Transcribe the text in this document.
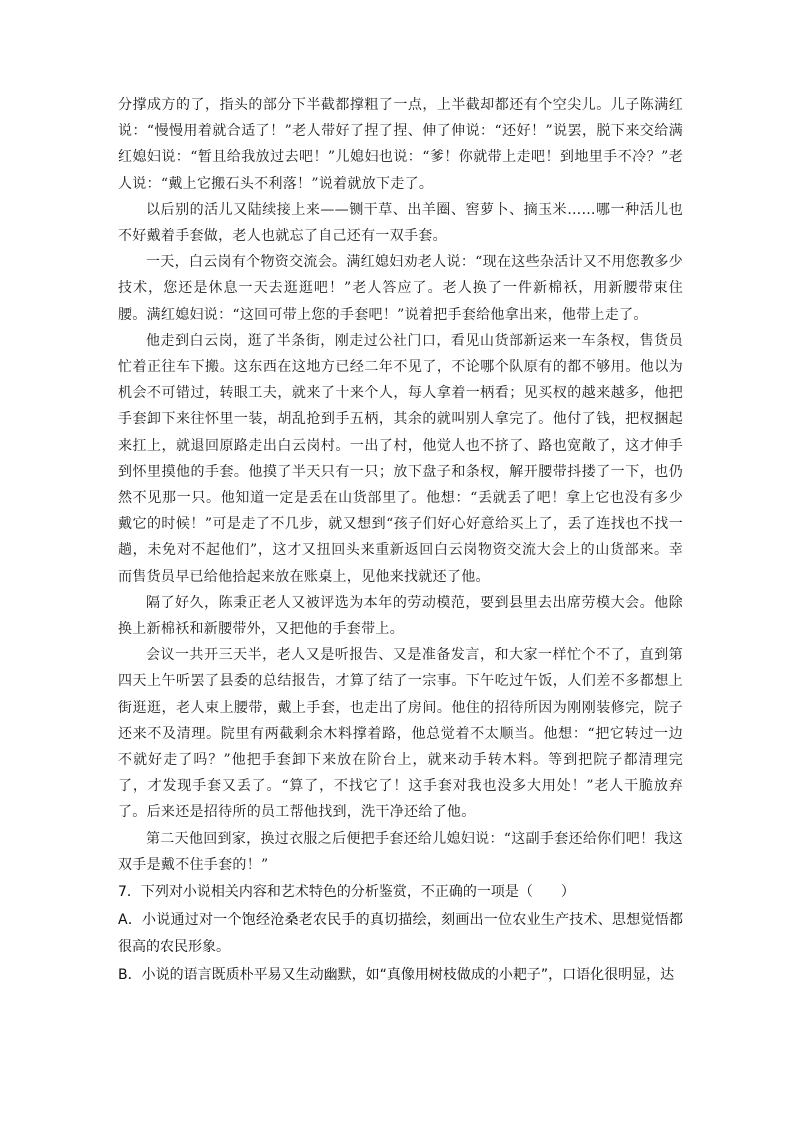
分撑成方的了，指头的部分下半截都撑粗了一点，上半截却都还有个空尖儿。儿子陈满红说：“慢慢用着就合适了！”老人带好了捏了捏、伸了伸说：“还好！”说罢，脱下来交给满红媳妇说：“暂且给我放过去吧！”儿媳妇也说：“爹！你就带上走吧！到地里手不冷？”老人说：“戴上它搬石头不利落！”说着就放下走了。

以后别的活儿又陆续接上来——铡干草、出羊圈、窖萝卜、摘玉米……哪一种活儿也不好戴着手套做，老人也就忘了自己还有一双手套。

一天，白云岗有个物资交流会。满红媳妇劝老人说：“现在这些杂活计又不用您教多少技术，您还是休息一天去逛逛吧！”老人答应了。老人换了一件新棉袄，用新腰带束住腰。满红媳妇说：“这回可带上您的手套吧！”说着把手套给他拿出来，他带上走了。

他走到白云岗，逛了半条街，刚走过公社门口，看见山货部新运来一车条杈，售货员忙着正往车下搬。这东西在这地方已经二年不见了，不论哪个队原有的都不够用。他以为机会不可错过，转眼工夫，就来了十来个人，每人拿着一柄看；见买杈的越来越多，他把手套卸下来往怀里一装，胡乱抢到手五柄，其余的就叫别人拿完了。他付了钱，把杈捆起来扛上，就退回原路走出白云岗村。一出了村，他觉人也不挤了、路也宽敞了，这才伸手到怀里摸他的手套。他摸了半天只有一只；放下盘子和条杈，解开腰带抖搂了一下，也仍然不见那一只。他知道一定是丢在山货部里了。他想：“丢就丢了吧！拿上它也没有多少戴它的时候！”可是走了不几步，就又想到“孩子们好心好意给买上了，丢了连找也不找一趟，未免对不起他们”，这才又扭回头来重新返回白云岗物资交流大会上的山货部来。幸而售货员早已给他拾起来放在账桌上，见他来找就还了他。

隔了好久，陈秉正老人又被评选为本年的劳动模范，要到县里去出席劳模大会。他除换上新棉袄和新腰带外，又把他的手套带上。

会议一共开三天半，老人又是听报告、又是准备发言，和大家一样忙个不了，直到第四天上午听罢了县委的总结报告，才算了结了一宗事。下午吃过午饭，人们差不多都想上街逛逛，老人束上腰带，戴上手套，也走出了房间。他住的招待所因为刚刚装修完，院子还来不及清理。院里有两截剩余木料撑着路，他总觉着不太顺当。他想：“把它转过一边不就好走了吗？”他把手套卸下来放在阶台上，就来动手转木料。等到把院子都清理完了，才发现手套又丢了。“算了，不找它了！这手套对我也没多大用处！”老人干脆放弃了。后来还是招待所的员工帮他找到，洗干净还给了他。

第二天他回到家，换过衣服之后便把手套还给儿媳妇说：“这副手套还给你们吧！我这双手是戴不住手套的！”

7．下列对小说相关内容和艺术特色的分析鉴赏，不正确的一项是（　　）

A．小说通过对一个饱经沧桑老农民手的真切描绘，刻画出一位农业生产技术、思想觉悟都很高的农民形象。

B．小说的语言既质朴平易又生动幽默，如“真像用树枝做成的小耙子”，口语化很明显，达
